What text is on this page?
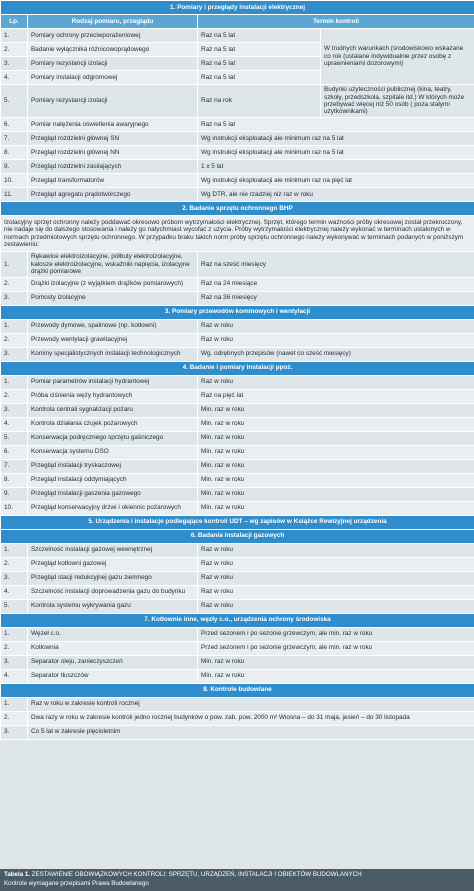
1. Pomiary i przeglądy instalacji elektrycznej			
Lp.	Rodzaj pomiaru, przeglądu	Termin kontroli	
1.	Pomiary ochrony przeciwporażeniowej	Raz na 5 lat	W trudnych warunkach (środowiskowo wskazane co rok (ustalane indywidualnie przez osobę z uprawnieniami dozorowymi)
2.	Badanie wyłącznika różnicowoprądowego	Raz na 5 lat	
3.	Pomiary rezystancji izolacji	Raz na 5 lat	
4.	Pomiary instalacji odgromowej	Raz na 5 lat	
5.	Pomiary rezystancji izolacji	Raz na rok	Budynki użyteczności publicznej (kina, teatry, szkoły, przedszkola, szpitale itd.) W których może przebywać więcej niż 50 osób ( poza stałymi użytkownikami)
6.	Pomiar natężenia oświetlenia awaryjnego	Raz na 5 lat	
7.	Przegląd rozdzielni głównej SN	Wg instrukcji eksploatacji ale minimum raz na 5 lat	
8.	Przegląd rozdzielni głównej NN	Wg instrukcji eksploatacji ale minimum raz na 5 lat	
9.	Przegląd rozdzielni zasilających	1 x 5 lat	
10.	Przegląd transformatorów	Wg instrukcji eksploatacji ale minimum raz na pięć lat	
11.	Przegląd agregatu prądotwórczego	Wg DTR, ale nie rzadziej niż raz w roku	
2. Badanie sprzętu ochronnego BHP			
Izolacyjny sprzęt ochronny należy poddawać okresowo próbom wytrzymałości elektrycznej. Sprzęt, którego termin ważności próby okresowej został przekroczony, nie nadaje się do dalszego stosowania i należy go natychmiast wycofać z użycia. Próby wytrzymałości elektrycznej należy wykonać w terminach ustalonych w normach przedmiotowych sprzętu ochronnego. W przypadku braku takich norm próby sprzętu ochronnego należy wykonywać w terminach podanych w poniższym zestawieniu:			
1.	Rękawice elektroizolacyjne, półbuty elektroizolacyjne, kalosze elektroizolacyjne, wskaźniki napięcia, izolacyjne drążki pomiarowe	Raz na sześć miesięcy	
2.	Drążki izolacyjne (z wyjątkiem drążków pomiarowych)	Raz na 24 miesiące	
3.	Pomosty izolacyjne	Raz na 36 miesięcy	
3. Pomiary przewodów kominowych i wentylacji			
1.	Przewody dymowe, spalinowe (np. kotłowni)	Raz w roku	
2.	Przewody wentylacji grawitacyjnej	Raz w roku	
3.	Kominy specjalistycznych instalacji technologicznych	Wg. odrębnych przepisów (nawet co sześć miesięcy)	
4. Badanie i pomiary instalacji ppoż.			
1.	Pomiar parametrów instalacji hydrantowej	Raz w roku	
2.	Próba ciśnienia węży hydrantowych	Raz na pięć lat	
3.	Kontrola centrali sygnalizacji pożaru	Min. raz w roku	
4.	Kontrola działania czujek pożarowych	Min. raz w roku	
5.	Konserwacja podręcznego sprzętu gaśniczego	Min. raz w roku	
6.	Konserwacja systemu DSO	Min. raz w roku	
7.	Przegląd instalacji tryskaczowej	Min. raz w roku	
8.	Przegląd instalacji oddymiających	Min. raz w roku	
9.	Przegląd instalacji gaszenia gazowego	Min. raz w roku	
10.	Przegląd konserwacyjny drzwi i okiennic pożarowych	Min. raz w roku	
5. Urządzenia i instalacje podlegające kontroli UDT – wg zapisów w Książce Rewizyjnej urządzenia			
6. Badania instalacji gazowych			
1.	Szczelność instalacji gazowej wewnętrznej	Raz w roku	
2.	Przegląd kotłowni gazowej	Raz w roku	
3.	Przegląd stacji redukcyjnej gazu ziemnego	Raz w roku	
4.	Szczelność instalacji doprowadzenia gazu do budynku	Raz w roku	
5.	Kontrola systemu wykrywania gazu	Raz w roku	
7. Kotłownie inne, węzły c.o., urządzenia ochrony środowiska			
1.	Węzeł c.o.	Przed sezonem i po sezonie grzewczym, ale min. raz w roku	
2.	Kotłownia	Przed sezonem i po sezonie grzewczym, ale min. raz w roku	
3.	Separator oleju, zanieczyszczeń	Min. raz w roku	
4.	Separator tłuszczów	Min. raz w roku	
8. Kontrole budowlane			
1.	Raz w roku w zakresie kontroli rocznej		
2.	Dwa razy w roku w zakresie kontroli jedno rocznej budynków o pow. zab. pow. 2000 m² Wiosna – do 31 maja, jesień – do 30 listopada		
3.	Co 5 lat w zakresie pięcioletnim		
Tabela 1. ZESTAWIENIE OBOWIĄZKOWYCH KONTROLI: SPRZĘTU, URZĄDZEŃ, INSTALACJI I OBIEKTÓW BUDOWLANYCH
Kontrole wymagane przepisami Prawa Budowlanego
